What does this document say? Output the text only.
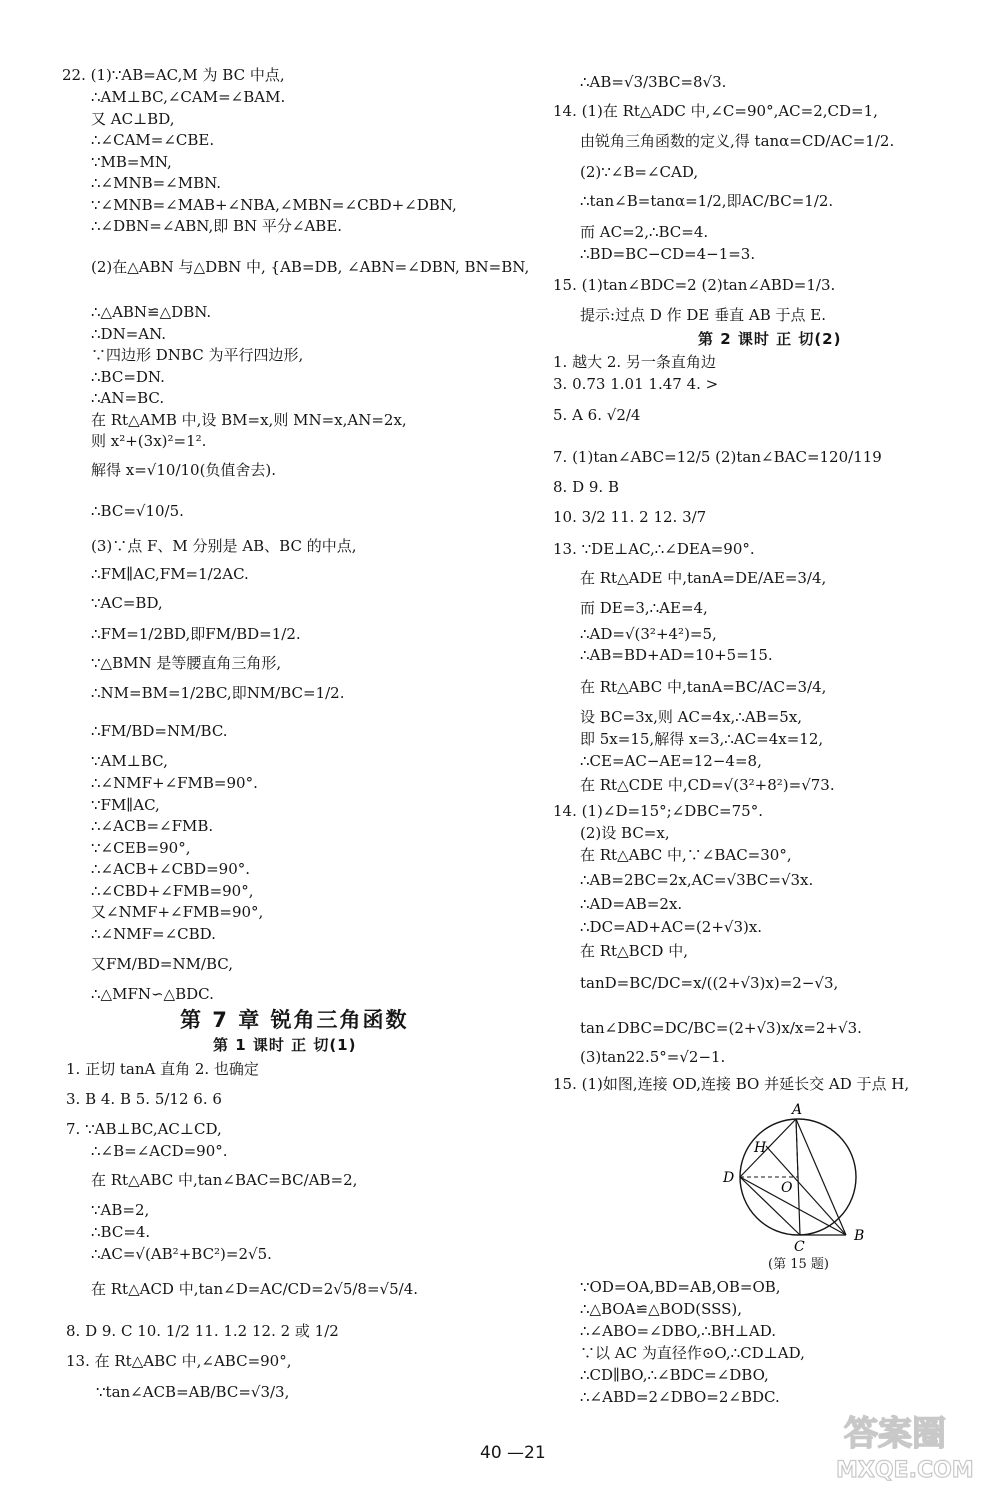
22. (1)∵AB=AC,M 为 BC 中点,
∴AM⊥BC,∠CAM=∠BAM.
又 AC⊥BD,
∴∠CAM=∠CBE.
∵MB=MN,
∴∠MNB=∠MBN.
∵∠MNB=∠MAB+∠NBA,∠MBN=∠CBD+∠DBN,
∴∠DBN=∠ABN,即 BN 平分∠ABE.
(2)在△ABN 与△DBN 中, {AB=DB, ∠ABN=∠DBN, BN=BN,
∴△ABN≌△DBN.
∴DN=AN.
∵四边形 DNBC 为平行四边形,
∴BC=DN.
∴AN=BC.
在 Rt△AMB 中,设 BM=x,则 MN=x,AN=2x,
则 x²+(3x)²=1².
解得 x=√10/10(负值舍去).
∴BC=√10/5.
(3)∵点 F、M 分别是 AB、BC 的中点,
∴FM∥AC,FM=1/2AC.
∵AC=BD,
∴FM=1/2BD,即FM/BD=1/2.
∵△BMN 是等腰直角三角形,
∴NM=BM=1/2BC,即NM/BC=1/2.
∴FM/BD=NM/BC.
∵AM⊥BC,
∴∠NMF+∠FMB=90°.
∵FM∥AC,
∴∠ACB=∠FMB.
∵∠CEB=90°,
∴∠ACB+∠CBD=90°.
∴∠CBD+∠FMB=90°,
又∠NMF+∠FMB=90°,
∴∠NMF=∠CBD.
又FM/BD=NM/BC,
∴△MFN∽△BDC.
第 7 章 锐角三角函数
第 1 课时 正 切(1)
1. 正切 tanA 直角 2. 也确定
3. B 4. B 5. 5/12 6. 6
7. ∵AB⊥BC,AC⊥CD,
∴∠B=∠ACD=90°.
在 Rt△ABC 中,tan∠BAC=BC/AB=2,
∵AB=2,
∴BC=4.
∴AC=√(AB²+BC²)=2√5.
在 Rt△ACD 中,tan∠D=AC/CD=2√5/8=√5/4.
8. D 9. C 10. 1/2 11. 1.2 12. 2 或 1/2
13. 在 Rt△ABC 中,∠ABC=90°,
∵tan∠ACB=AB/BC=√3/3,
∴AB=√3/3BC=8√3.
14. (1)在 Rt△ADC 中,∠C=90°,AC=2,CD=1,
由锐角三角函数的定义,得 tanα=CD/AC=1/2.
(2)∵∠B=∠CAD,
∴tan∠B=tanα=1/2,即AC/BC=1/2.
而 AC=2,∴BC=4.
∴BD=BC−CD=4−1=3.
15. (1)tan∠BDC=2 (2)tan∠ABD=1/3.
提示:过点 D 作 DE 垂直 AB 于点 E.
第 2 课时 正 切(2)
1. 越大 2. 另一条直角边
3. 0.73 1.01 1.47 4. >
5. A 6. √2/4
7. (1)tan∠ABC=12/5 (2)tan∠BAC=120/119
8. D 9. B
10. 3/2 11. 2 12. 3/7
13. ∵DE⊥AC,∴∠DEA=90°.
在 Rt△ADE 中,tanA=DE/AE=3/4,
而 DE=3,∴AE=4,
∴AD=√(3²+4²)=5,
∴AB=BD+AD=10+5=15.
在 Rt△ABC 中,tanA=BC/AC=3/4,
设 BC=3x,则 AC=4x,∴AB=5x,
即 5x=15,解得 x=3,∴AC=4x=12,
∴CE=AC−AE=12−4=8,
在 Rt△CDE 中,CD=√(3²+8²)=√73.
14. (1)∠D=15°;∠DBC=75°.
(2)设 BC=x,
在 Rt△ABC 中,∵∠BAC=30°,
∴AB=2BC=2x,AC=√3BC=√3x.
∴AD=AB=2x.
∴DC=AD+AC=(2+√3)x.
在 Rt△BCD 中,
tanD=BC/DC=x/((2+√3)x)=2−√3,
tan∠DBC=DC/BC=(2+√3)x/x=2+√3.
(3)tan22.5°=√2−1.
15. (1)如图,连接 OD,连接 BO 并延长交 AD 于点 H,
∵OD=OA,BD=AB,OB=OB,
∴△BOA≌△BOD(SSS),
∴∠ABO=∠DBO,∴BH⊥AD.
∵以 AC 为直径作⊙O,∴CD⊥AD,
∴CD∥BO,∴∠BDC=∠DBO,
∴∠ABD=2∠DBO=2∠BDC.
A
H
D
O
C
B
(第 15 题)
40 —21	答案圈
MXQE.COM
